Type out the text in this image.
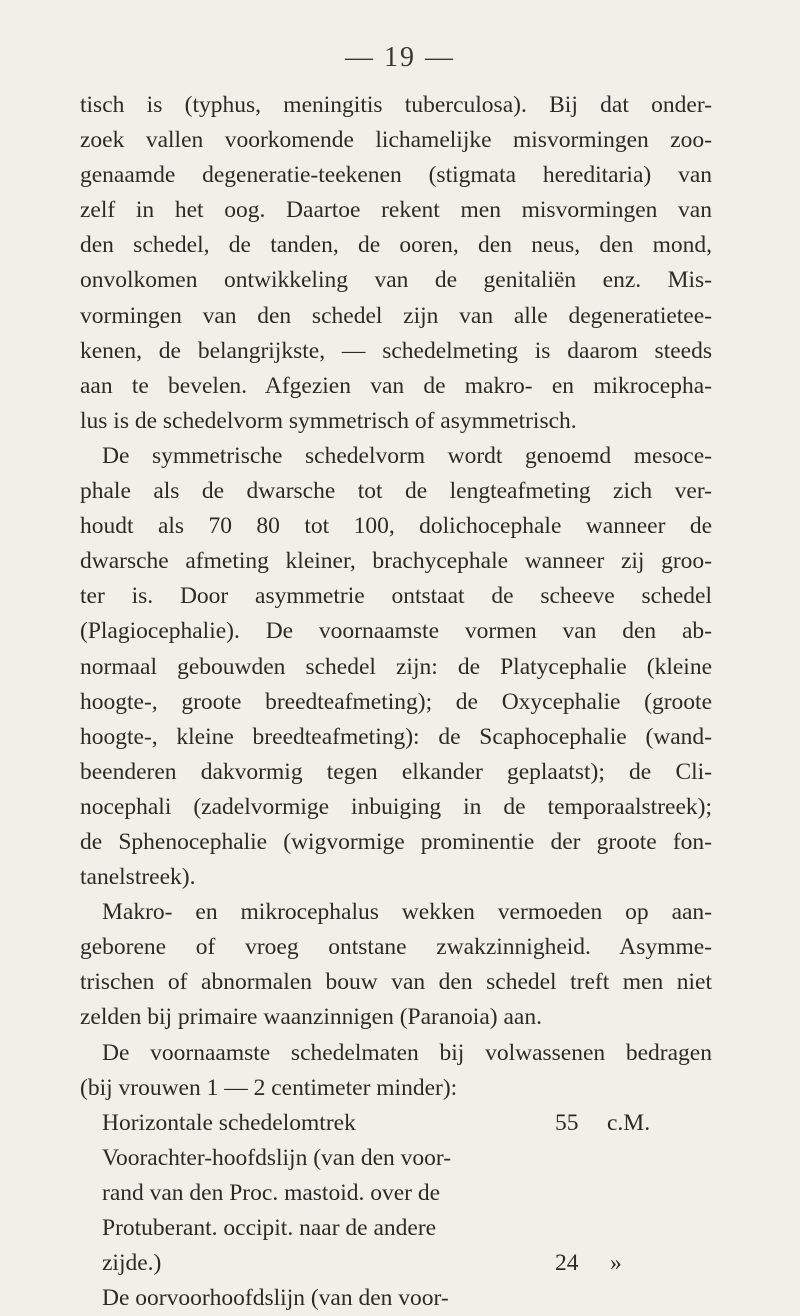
— 19 —
tisch is (typhus, meningitis tuberculosa). Bij dat onder-
zoek vallen voorkomende lichamelijke misvormingen zoo-
genaamde degeneratie-teekenen (stigmata hereditaria) van
zelf in het oog. Daartoe rekent men misvormingen van
den schedel, de tanden, de ooren, den neus, den mond,
onvolkomen ontwikkeling van de genitaliën enz. Mis-
vormingen van den schedel zijn van alle degeneratietee-
kenen, de belangrijkste, — schedelmeting is daarom steeds
aan te bevelen. Afgezien van de makro- en mikrocepha-
lus is de schedelvorm symmetrisch of asymmetrisch.
De symmetrische schedelvorm wordt genoemd mesoce-
phale als de dwarsche tot de lengteafmeting zich ver-
houdt als 70 80 tot 100, dolichocephale wanneer de
dwarsche afmeting kleiner, brachycephale wanneer zij groo-
ter is. Door asymmetrie ontstaat de scheeve schedel
(Plagiocephalie). De voornaamste vormen van den ab-
normaal gebouwden schedel zijn: de Platycephalie (kleine
hoogte-, groote breedteafmeting); de Oxycephalie (groote
hoogte-, kleine breedteafmeting): de Scaphocephalie (wand-
beenderen dakvormig tegen elkander geplaatst); de Cli-
nocephali (zadelvormige inbuiging in de temporaalstreek);
de Sphenocephalie (wigvormige prominentie der groote fon-
tanelstreek).
Makro- en mikrocephalus wekken vermoeden op aan-
geborene of vroeg ontstane zwakzinnigheid. Asymme-
trischen of abnormalen bouw van den schedel treft men niet
zelden bij primaire waanzinnigen (Paranoia) aan.
De voornaamste schedelmaten bij volwassenen bedragen
(bij vrouwen 1 — 2 centimeter minder):
Horizontale schedelomtrek	55 c.M.
Voorachter-hoofdslijn (van den voor-
rand van den Proc. mastoid. over de
Protuberant. occipit. naar de andere
zijde.)	24 »
De oorvoorhoofdslijn (van den voor-
